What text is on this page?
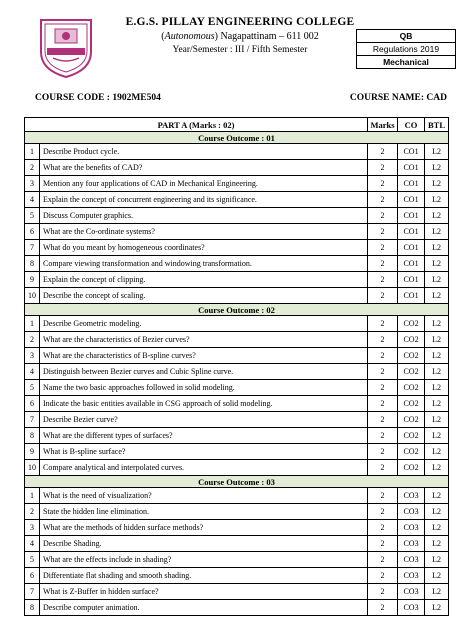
E.G.S. PILLAY ENGINEERING COLLEGE
(Autonomous) Nagapattinam – 611 002
Year/Semester : III / Fifth Semester
QB
Regulations 2019
Mechanical
COURSE CODE : 1902ME504	COURSE NAME: CAD
PART A (Marks : 02)		Marks	CO	BTL
Course Outcome : 01				
1	Describe Product cycle.	2	CO1	L2
2	What are the benefits of CAD?	2	CO1	L2
3	Mention any four applications of CAD in Mechanical Engineering.	2	CO1	L2
4	Explain the concept of concurrent engineering and its significance.	2	CO1	L2
5	Discuss Computer graphics.	2	CO1	L2
6	What are the Co-ordinate systems?	2	CO1	L2
7	What do you meant by homogeneous coordinates?	2	CO1	L2
8	Compare viewing transformation and windowing transformation.	2	CO1	L2
9	Explain the concept of clipping.	2	CO1	L2
10	Describe the concept of scaling.	2	CO1	L2
Course Outcome : 02				
1	Describe Geometric modeling.	2	CO2	L2
2	What are the characteristics of Bezier curves?	2	CO2	L2
3	What are the characteristics of B-spline curves?	2	CO2	L2
4	Distinguish between Bezier curves and Cubic Spline curve.	2	CO2	L2
5	Name the two basic approaches followed in solid modeling.	2	CO2	L2
6	Indicate the basic entities available in CSG approach of solid modeling.	2	CO2	L2
7	Describe Bezier curve?	2	CO2	L2
8	What are the different types of surfaces?	2	CO2	L2
9	What is B-spline surface?	2	CO2	L2
10	Compare analytical and interpolated curves.	2	CO2	L2
Course Outcome : 03				
1	What is the need of visualization?	2	CO3	L2
2	State the hidden line elimination.	2	CO3	L2
3	What are the methods of hidden surface methods?	2	CO3	L2
4	Describe Shading.	2	CO3	L2
5	What are the effects include in shading?	2	CO3	L2
6	Differentiate flat shading and smooth shading.	2	CO3	L2
7	What is Z-Buffer in hidden surface?	2	CO3	L2
8	Describe computer animation.	2	CO3	L2
